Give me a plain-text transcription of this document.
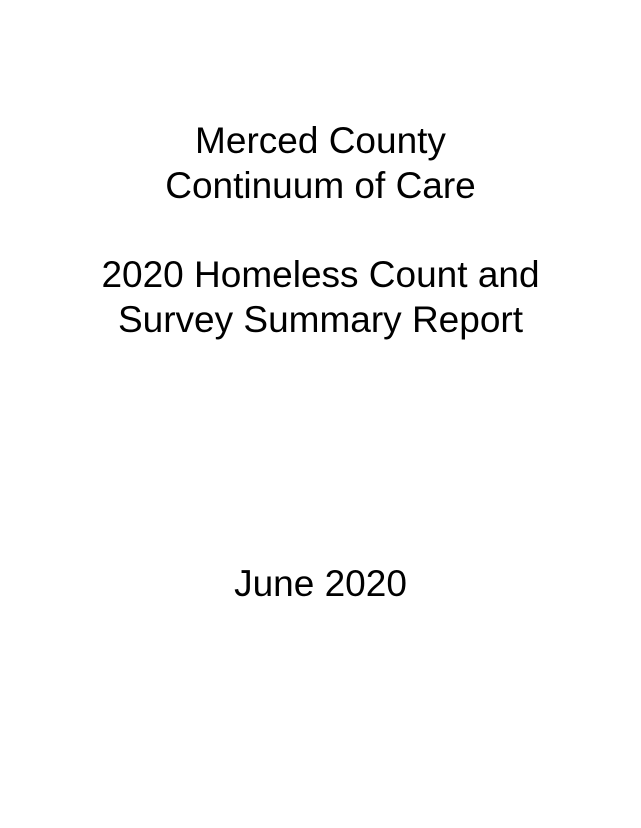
Merced County
Continuum of Care
2020 Homeless Count and
Survey Summary Report
June 2020
